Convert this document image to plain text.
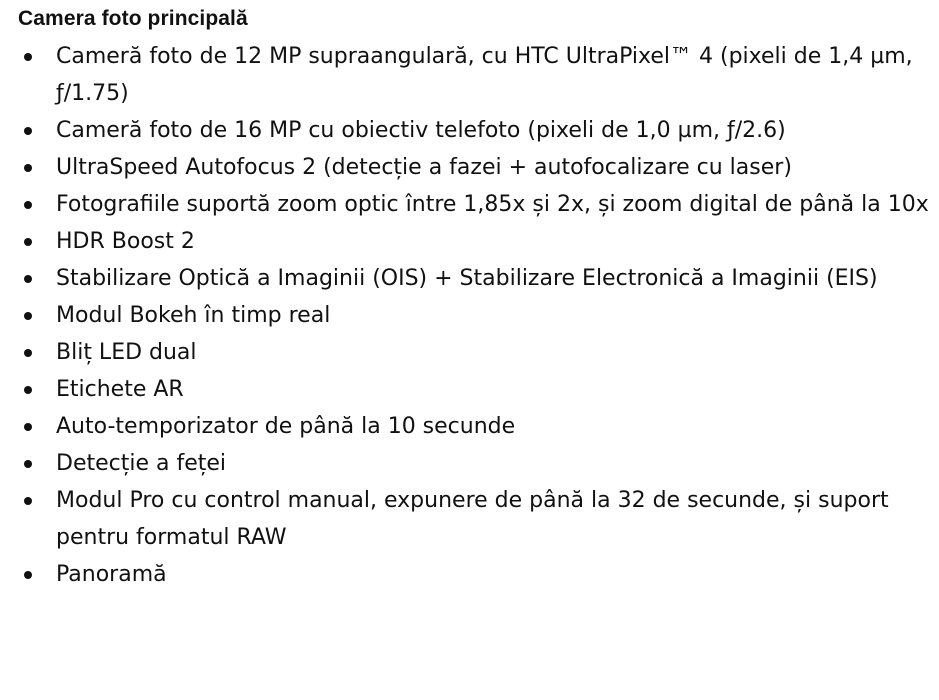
Camera foto principală
Cameră foto de 12 MP supraangulară, cu HTC UltraPixel™ 4 (pixeli de 1,4 µm, ƒ/1.75)
Cameră foto de 16 MP cu obiectiv telefoto (pixeli de 1,0 µm, ƒ/2.6)
UltraSpeed Autofocus 2 (detecție a fazei + autofocalizare cu laser)
Fotografiile suportă zoom optic între 1,85x și 2x, și zoom digital de până la 10x
HDR Boost 2
Stabilizare Optică a Imaginii (OIS) + Stabilizare Electronică a Imaginii (EIS)
Modul Bokeh în timp real
Bliț LED dual
Etichete AR
Auto-temporizator de până la 10 secunde
Detecție a feței
Modul Pro cu control manual, expunere de până la 32 de secunde, și suport pentru formatul RAW
Panoramă
